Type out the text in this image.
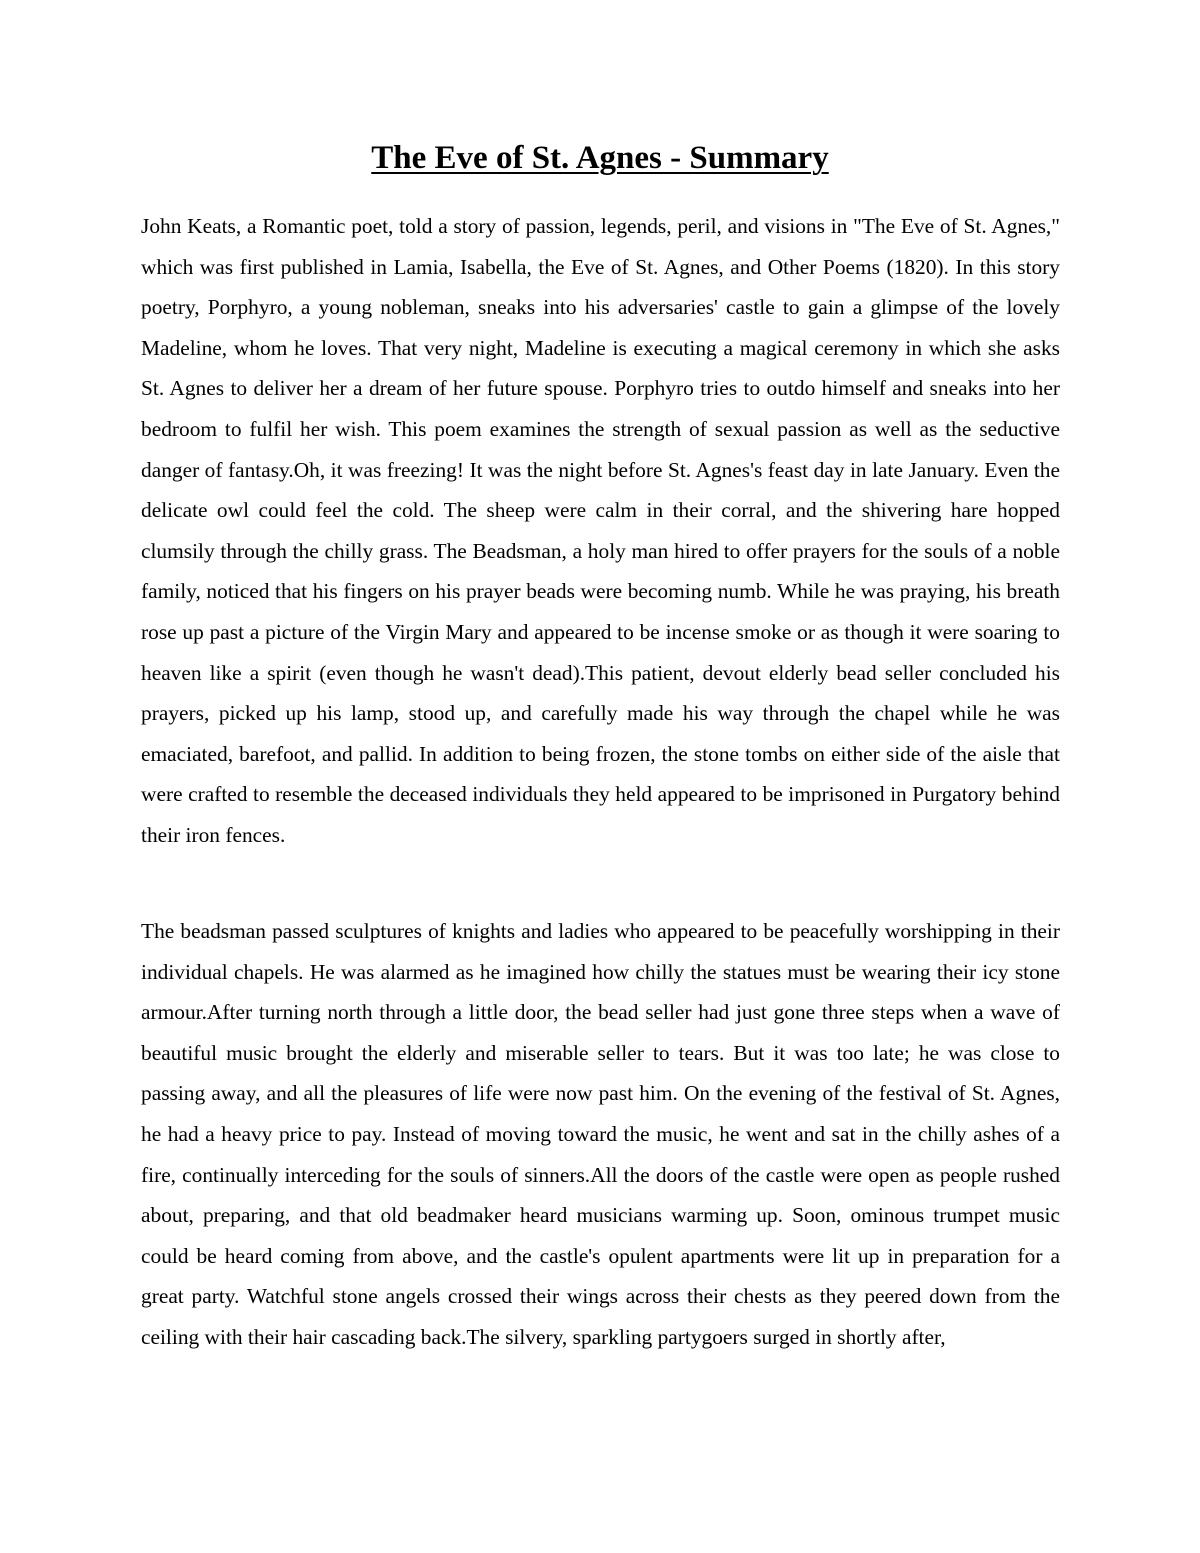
The Eve of St. Agnes - Summary

John Keats, a Romantic poet, told a story of passion, legends, peril, and visions in "The Eve of St. Agnes," which was first published in Lamia, Isabella, the Eve of St. Agnes, and Other Poems (1820). In this story poetry, Porphyro, a young nobleman, sneaks into his adversaries' castle to gain a glimpse of the lovely Madeline, whom he loves. That very night, Madeline is executing a magical ceremony in which she asks St. Agnes to deliver her a dream of her future spouse. Porphyro tries to outdo himself and sneaks into her bedroom to fulfil her wish. This poem examines the strength of sexual passion as well as the seductive danger of fantasy.Oh, it was freezing! It was the night before St. Agnes's feast day in late January. Even the delicate owl could feel the cold. The sheep were calm in their corral, and the shivering hare hopped clumsily through the chilly grass. The Beadsman, a holy man hired to offer prayers for the souls of a noble family, noticed that his fingers on his prayer beads were becoming numb. While he was praying, his breath rose up past a picture of the Virgin Mary and appeared to be incense smoke or as though it were soaring to heaven like a spirit (even though he wasn't dead).This patient, devout elderly bead seller concluded his prayers, picked up his lamp, stood up, and carefully made his way through the chapel while he was emaciated, barefoot, and pallid. In addition to being frozen, the stone tombs on either side of the aisle that were crafted to resemble the deceased individuals they held appeared to be imprisoned in Purgatory behind their iron fences.

The beadsman passed sculptures of knights and ladies who appeared to be peacefully worshipping in their individual chapels. He was alarmed as he imagined how chilly the statues must be wearing their icy stone armour.After turning north through a little door, the bead seller had just gone three steps when a wave of beautiful music brought the elderly and miserable seller to tears. But it was too late; he was close to passing away, and all the pleasures of life were now past him. On the evening of the festival of St. Agnes, he had a heavy price to pay. Instead of moving toward the music, he went and sat in the chilly ashes of a fire, continually interceding for the souls of sinners.All the doors of the castle were open as people rushed about, preparing, and that old beadmaker heard musicians warming up. Soon, ominous trumpet music could be heard coming from above, and the castle's opulent apartments were lit up in preparation for a great party. Watchful stone angels crossed their wings across their chests as they peered down from the ceiling with their hair cascading back.The silvery, sparkling partygoers surged in shortly after,
